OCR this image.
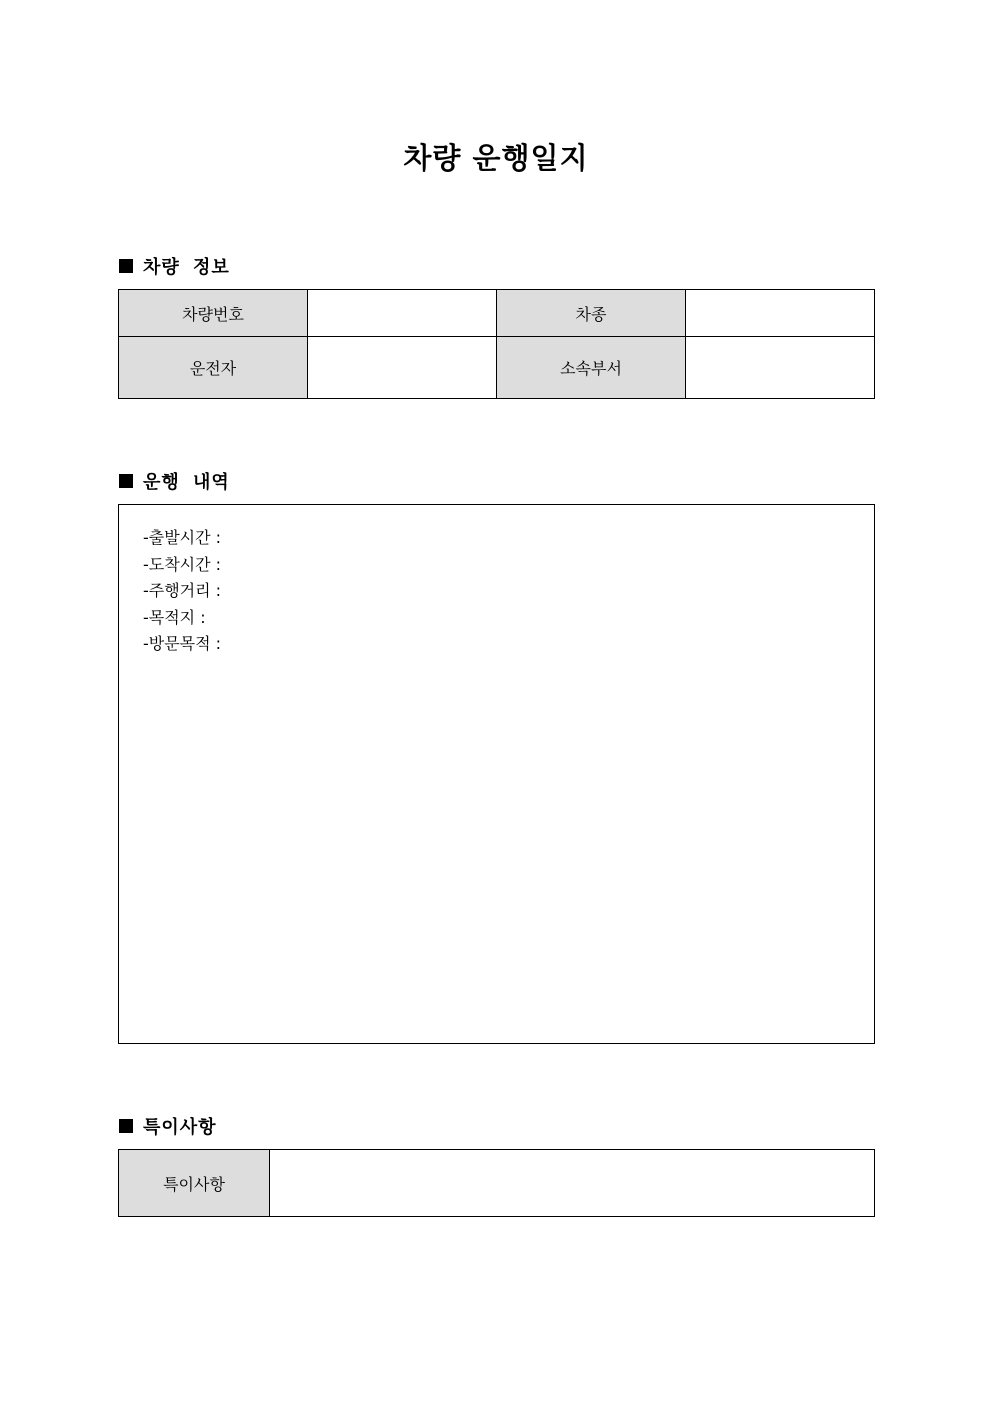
차량 운행일지
차량 정보
차량번호		차종	
운전자		소속부서	
운행 내역
-출발시간 :
-도착시간 :
-주행거리 :
-목적지 :
-방문목적 :
특이사항
특이사항	
